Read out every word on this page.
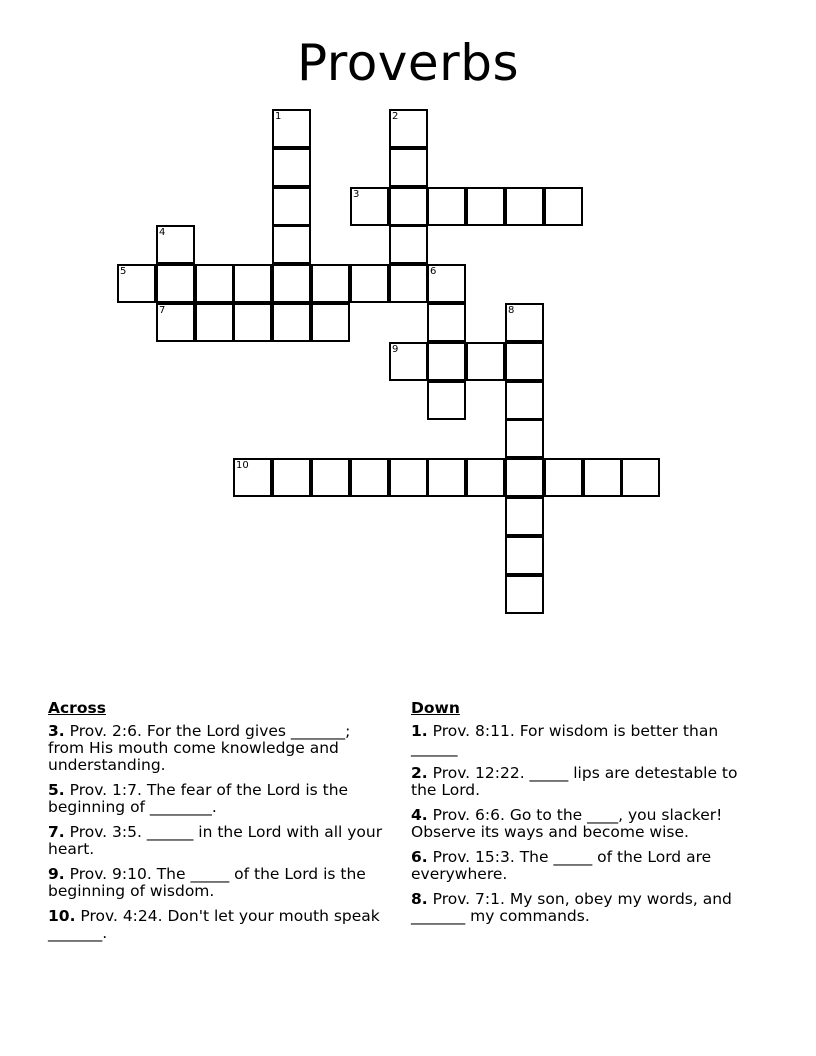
Proverbs
1	2
3
4
5	6
7	8
9
10
Across
3. Prov. 2:6. For the Lord gives _______; from His mouth come knowledge and understanding.
5. Prov. 1:7. The fear of the Lord is the beginning of ________.
7. Prov. 3:5. ______ in the Lord with all your heart.
9. Prov. 9:10. The _____ of the Lord is the beginning of wisdom.
10. Prov. 4:24. Don't let your mouth speak _______.
Down
1. Prov. 8:11. For wisdom is better than ______
2. Prov. 12:22. _____ lips are detestable to the Lord.
4. Prov. 6:6. Go to the ____, you slacker! Observe its ways and become wise.
6. Prov. 15:3. The _____ of the Lord are everywhere.
8. Prov. 7:1. My son, obey my words, and _______ my commands.
